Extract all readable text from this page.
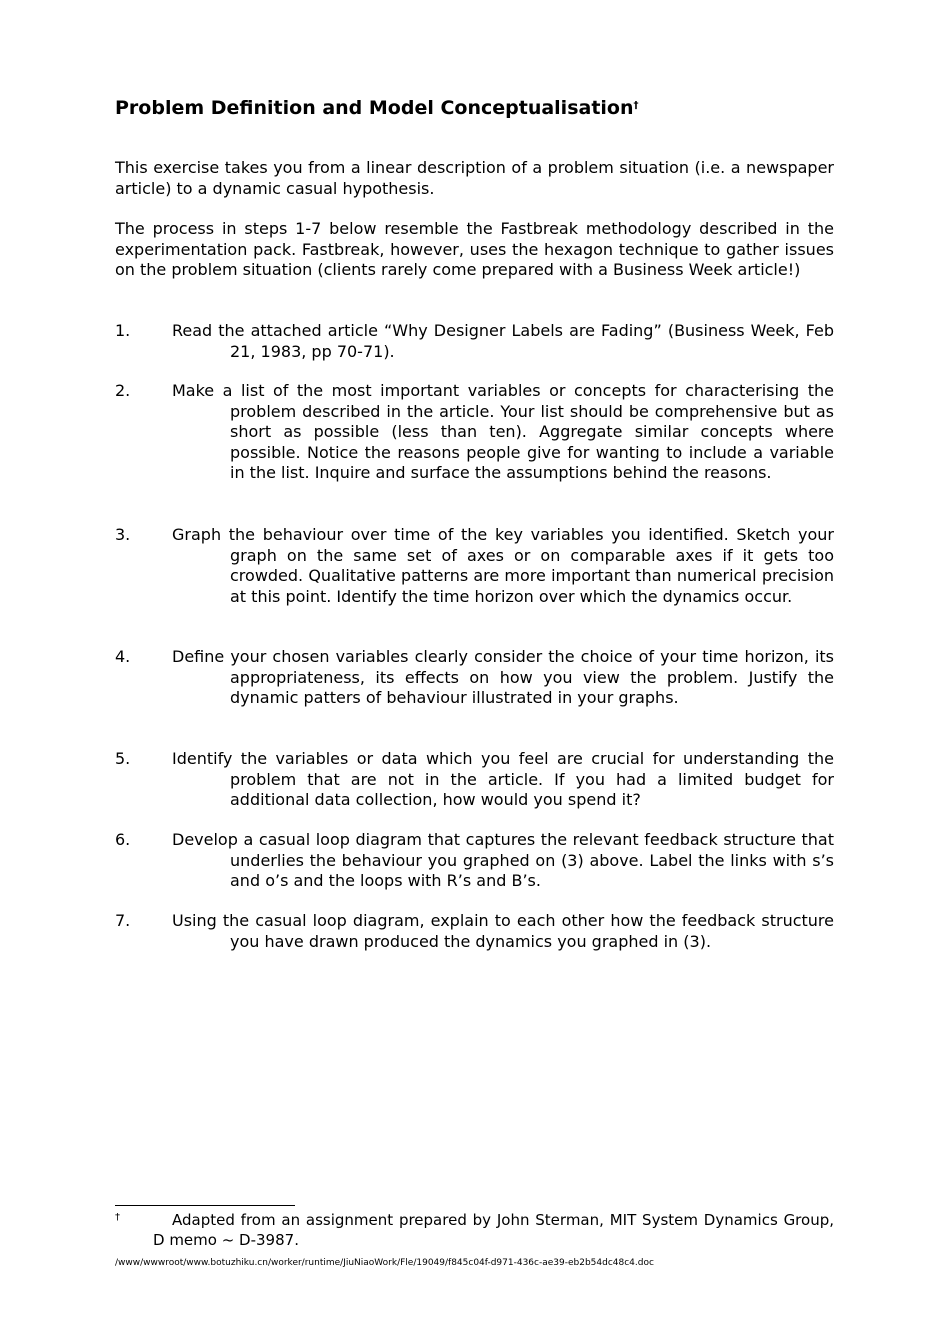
Problem Definition and Model Conceptualisation†

This exercise takes you from a linear description of a problem situation (i.e. a newspaper article) to a dynamic casual hypothesis.

The process in steps 1-7 below resemble the Fastbreak methodology described in the experimentation pack. Fastbreak, however, uses the hexagon technique to gather issues on the problem situation (clients rarely come prepared with a Business Week article!)

1.	Read the attached article “Why Designer Labels are Fading” (Business Week, Feb 21, 1983, pp 70-71).
2.	Make a list of the most important variables or concepts for characterising the problem described in the article. Your list should be comprehensive but as short as possible (less than ten). Aggregate similar concepts where possible. Notice the reasons people give for wanting to include a variable in the list. Inquire and surface the assumptions behind the reasons.
3.	Graph the behaviour over time of the key variables you identified. Sketch your graph on the same set of axes or on comparable axes if it gets too crowded. Qualitative patterns are more important than numerical precision at this point. Identify the time horizon over which the dynamics occur.
4.	Define your chosen variables clearly consider the choice of your time horizon, its appropriateness, its effects on how you view the problem. Justify the dynamic patters of behaviour illustrated in your graphs.
5.	Identify the variables or data which you feel are crucial for understanding the problem that are not in the article. If you had a limited budget for additional data collection, how would you spend it?
6.	Develop a casual loop diagram that captures the relevant feedback structure that underlies the behaviour you graphed on (3) above. Label the links with s’s and o’s and the loops with R’s and B’s.
7.	Using the casual loop diagram, explain to each other how the feedback structure you have drawn produced the dynamics you graphed in (3).
†	Adapted from an assignment prepared by John Sterman, MIT System Dynamics Group, D memo ~ D-3987.
/www/wwwroot/www.botuzhiku.cn/worker/runtime/JiuNiaoWork/Fle/19049/f845c04f-d971-436c-ae39-eb2b54dc48c4.doc
